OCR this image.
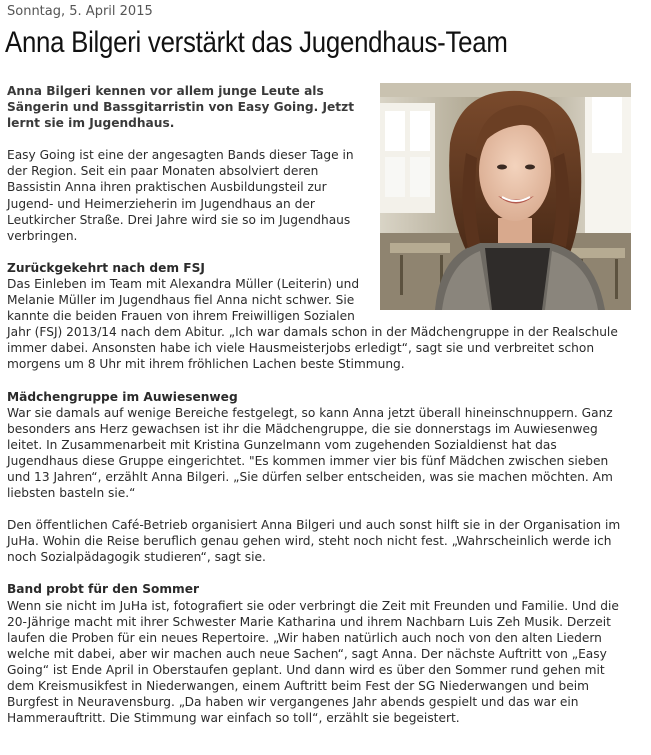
Sonntag, 5. April 2015
Anna Bilgeri verstärkt das Jugendhaus-Team
Anna Bilgeri kennen vor allem junge Leute als Sängerin und Bassgitarristin von Easy Going. Jetzt lernt sie im Jugendhaus.

Easy Going ist eine der angesagten Bands dieser Tage in der Region. Seit ein paar Monaten absolviert deren Bassistin Anna ihren praktischen Ausbildungsteil zur Jugend- und Heimerzieherin im Jugendhaus an der Leutkircher Straße. Drei Jahre wird sie so im Jugendhaus verbringen.

Zurückgekehrt nach dem FSJ

Das Einleben im Team mit Alexandra Müller (Leiterin) und Melanie Müller im Jugendhaus fiel Anna nicht schwer. Sie kannte die beiden Frauen von ihrem Freiwilligen Sozialen Jahr (FSJ) 2013/14 nach dem Abitur. „Ich war damals schon in der Mädchengruppe in der Realschule immer dabei. Ansonsten habe ich viele Hausmeisterjobs erledigt“, sagt sie und verbreitet schon morgens um 8 Uhr mit ihrem fröhlichen Lachen beste Stimmung.

Mädchengruppe im Auwiesenweg

War sie damals auf wenige Bereiche festgelegt, so kann Anna jetzt überall hineinschnuppern. Ganz besonders ans Herz gewachsen ist ihr die Mädchengruppe, die sie donnerstags im Auwiesenweg leitet. In Zusammenarbeit mit Kristina Gunzelmann vom zugehenden Sozialdienst hat das Jugendhaus diese Gruppe eingerichtet. "Es kommen immer vier bis fünf Mädchen zwischen sieben und 13 Jahren“, erzählt Anna Bilgeri. „Sie dürfen selber entscheiden, was sie machen möchten. Am liebsten basteln sie.“

Den öffentlichen Café-Betrieb organisiert Anna Bilgeri und auch sonst hilft sie in der Organisation im JuHa. Wohin die Reise beruflich genau gehen wird, steht noch nicht fest. „Wahrscheinlich werde ich noch Sozialpädagogik studieren“, sagt sie.

Band probt für den Sommer

Wenn sie nicht im JuHa ist, fotografiert sie oder verbringt die Zeit mit Freunden und Familie. Und die 20-Jährige macht mit ihrer Schwester Marie Katharina und ihrem Nachbarn Luis Zeh Musik. Derzeit laufen die Proben für ein neues Repertoire. „Wir haben natürlich auch noch von den alten Liedern welche mit dabei, aber wir machen auch neue Sachen“, sagt Anna. Der nächste Auftritt von „Easy Going“ ist Ende April in Oberstaufen geplant. Und dann wird es über den Sommer rund gehen mit dem Kreismusikfest in Niederwangen, einem Auftritt beim Fest der SG Niederwangen und beim Burgfest in Neuravensburg. „Da haben wir vergangenes Jahr abends gespielt und das war ein Hammerauftritt. Die Stimmung war einfach so toll“, erzählt sie begeistert.
